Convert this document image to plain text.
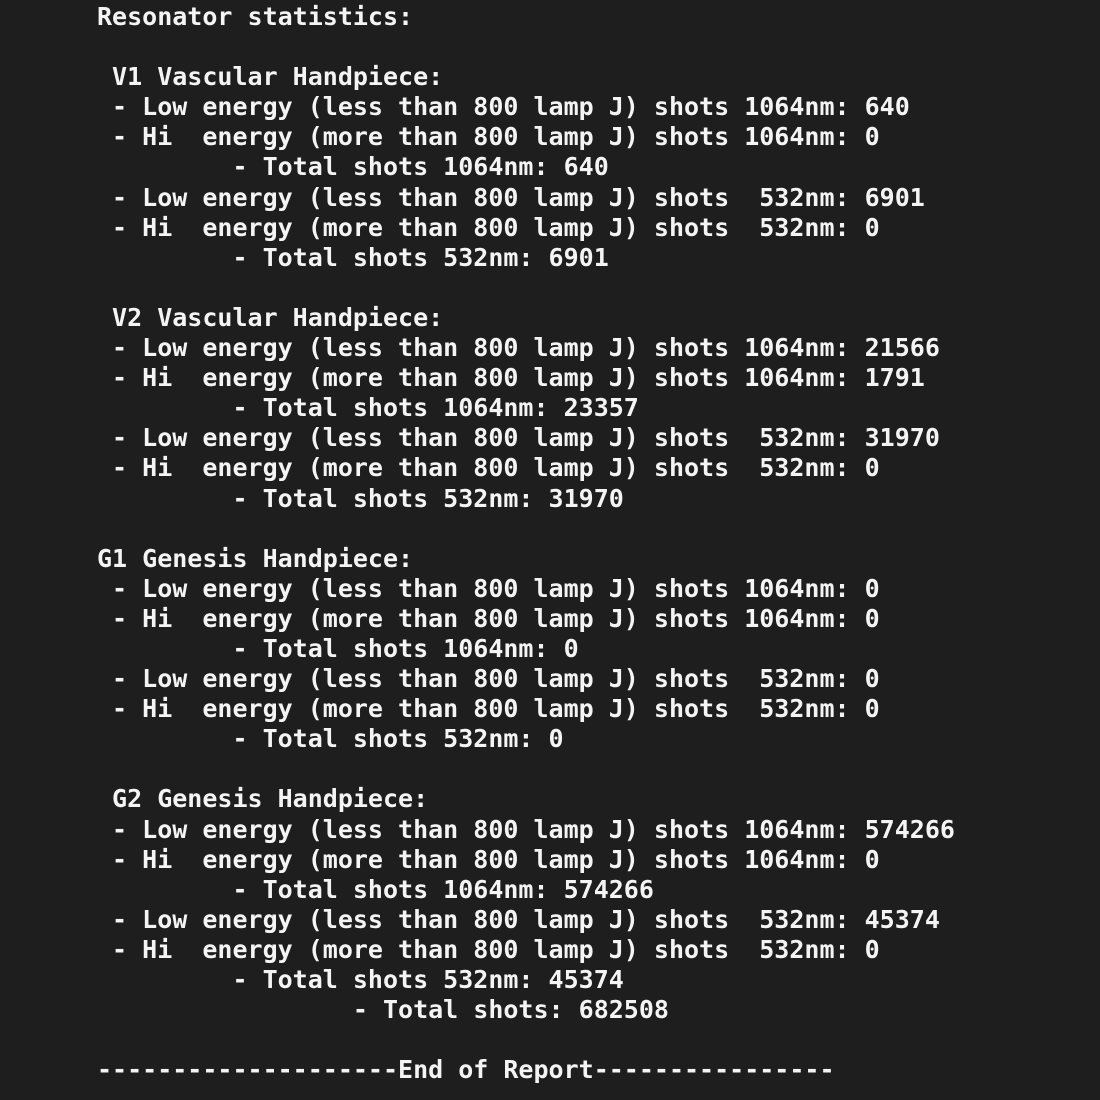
Resonator statistics:
V1 Vascular Handpiece:
- Low energy (less than 800 lamp J) shots 1064nm: 640
- Hi  energy (more than 800 lamp J) shots 1064nm: 0
- Total shots 1064nm: 640
- Low energy (less than 800 lamp J) shots  532nm: 6901
- Hi  energy (more than 800 lamp J) shots  532nm: 0
- Total shots 532nm: 6901
V2 Vascular Handpiece:
- Low energy (less than 800 lamp J) shots 1064nm: 21566
- Hi  energy (more than 800 lamp J) shots 1064nm: 1791
- Total shots 1064nm: 23357
- Low energy (less than 800 lamp J) shots  532nm: 31970
- Hi  energy (more than 800 lamp J) shots  532nm: 0
- Total shots 532nm: 31970
G1 Genesis Handpiece:
- Low energy (less than 800 lamp J) shots 1064nm: 0
- Hi  energy (more than 800 lamp J) shots 1064nm: 0
- Total shots 1064nm: 0
- Low energy (less than 800 lamp J) shots  532nm: 0
- Hi  energy (more than 800 lamp J) shots  532nm: 0
- Total shots 532nm: 0
G2 Genesis Handpiece:
- Low energy (less than 800 lamp J) shots 1064nm: 574266
- Hi  energy (more than 800 lamp J) shots 1064nm: 0
- Total shots 1064nm: 574266
- Low energy (less than 800 lamp J) shots  532nm: 45374
- Hi  energy (more than 800 lamp J) shots  532nm: 0
- Total shots 532nm: 45374
- Total shots: 682508
--------------------End of Report----------------
